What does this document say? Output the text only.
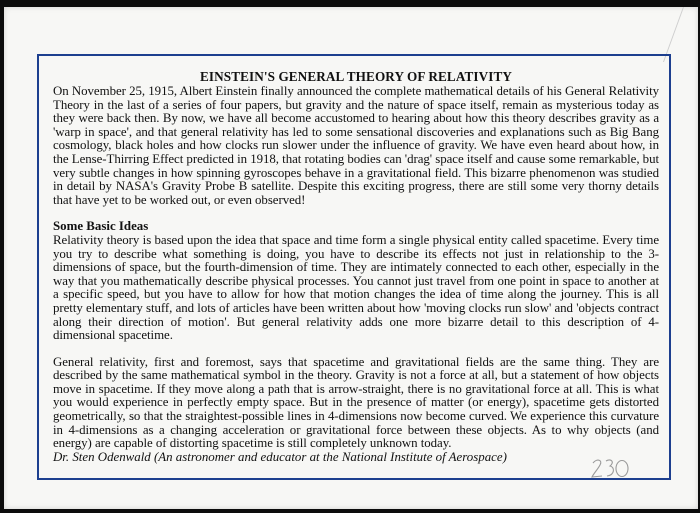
EINSTEIN'S GENERAL THEORY OF RELATIVITY

On November 25, 1915, Albert Einstein finally announced the complete mathematical details of his General Relativity Theory in the last of a series of four papers, but gravity and the nature of space itself, remain as mysterious today as they were back then. By now, we have all become accustomed to hearing about how this theory describes gravity as a 'warp in space', and that general relativity has led to some sensational discoveries and explanations such as Big Bang cosmology, black holes and how clocks run slower under the influence of gravity. We have even heard about how, in the Lense-Thirring Effect predicted in 1918, that rotating bodies can 'drag' space itself and cause some remarkable, but very subtle changes in how spinning gyroscopes behave in a gravitational field. This bizarre phenomenon was studied in detail by NASA's Gravity Probe B satellite. Despite this exciting progress, there are still some very thorny details that have yet to be worked out, or even observed!

Some Basic Ideas

Relativity theory is based upon the idea that space and time form a single physical entity called spacetime. Every time you try to describe what something is doing, you have to describe its effects not just in relationship to the 3-dimensions of space, but the fourth-dimension of time. They are intimately connected to each other, especially in the way that you mathematically describe physical processes. You cannot just travel from one point in space to another at a specific speed, but you have to allow for how that motion changes the idea of time along the journey. This is all pretty elementary stuff, and lots of articles have been written about how 'moving clocks run slow' and 'objects contract along their direction of motion'. But general relativity adds one more bizarre detail to this description of 4-dimensional spacetime.

General relativity, first and foremost, says that spacetime and gravitational fields are the same thing. They are described by the same mathematical symbol in the theory. Gravity is not a force at all, but a statement of how objects move in spacetime. If they move along a path that is arrow-straight, there is no gravitational force at all. This is what you would experience in perfectly empty space. But in the presence of matter (or energy), spacetime gets distorted geometrically, so that the straightest-possible lines in 4-dimensions now become curved. We experience this curvature in 4-dimensions as a changing acceleration or gravitational force between these objects. As to why objects (and energy) are capable of distorting spacetime is still completely unknown today.

Dr. Sten Odenwald (An astronomer and educator at the National Institute of Aerospace)
